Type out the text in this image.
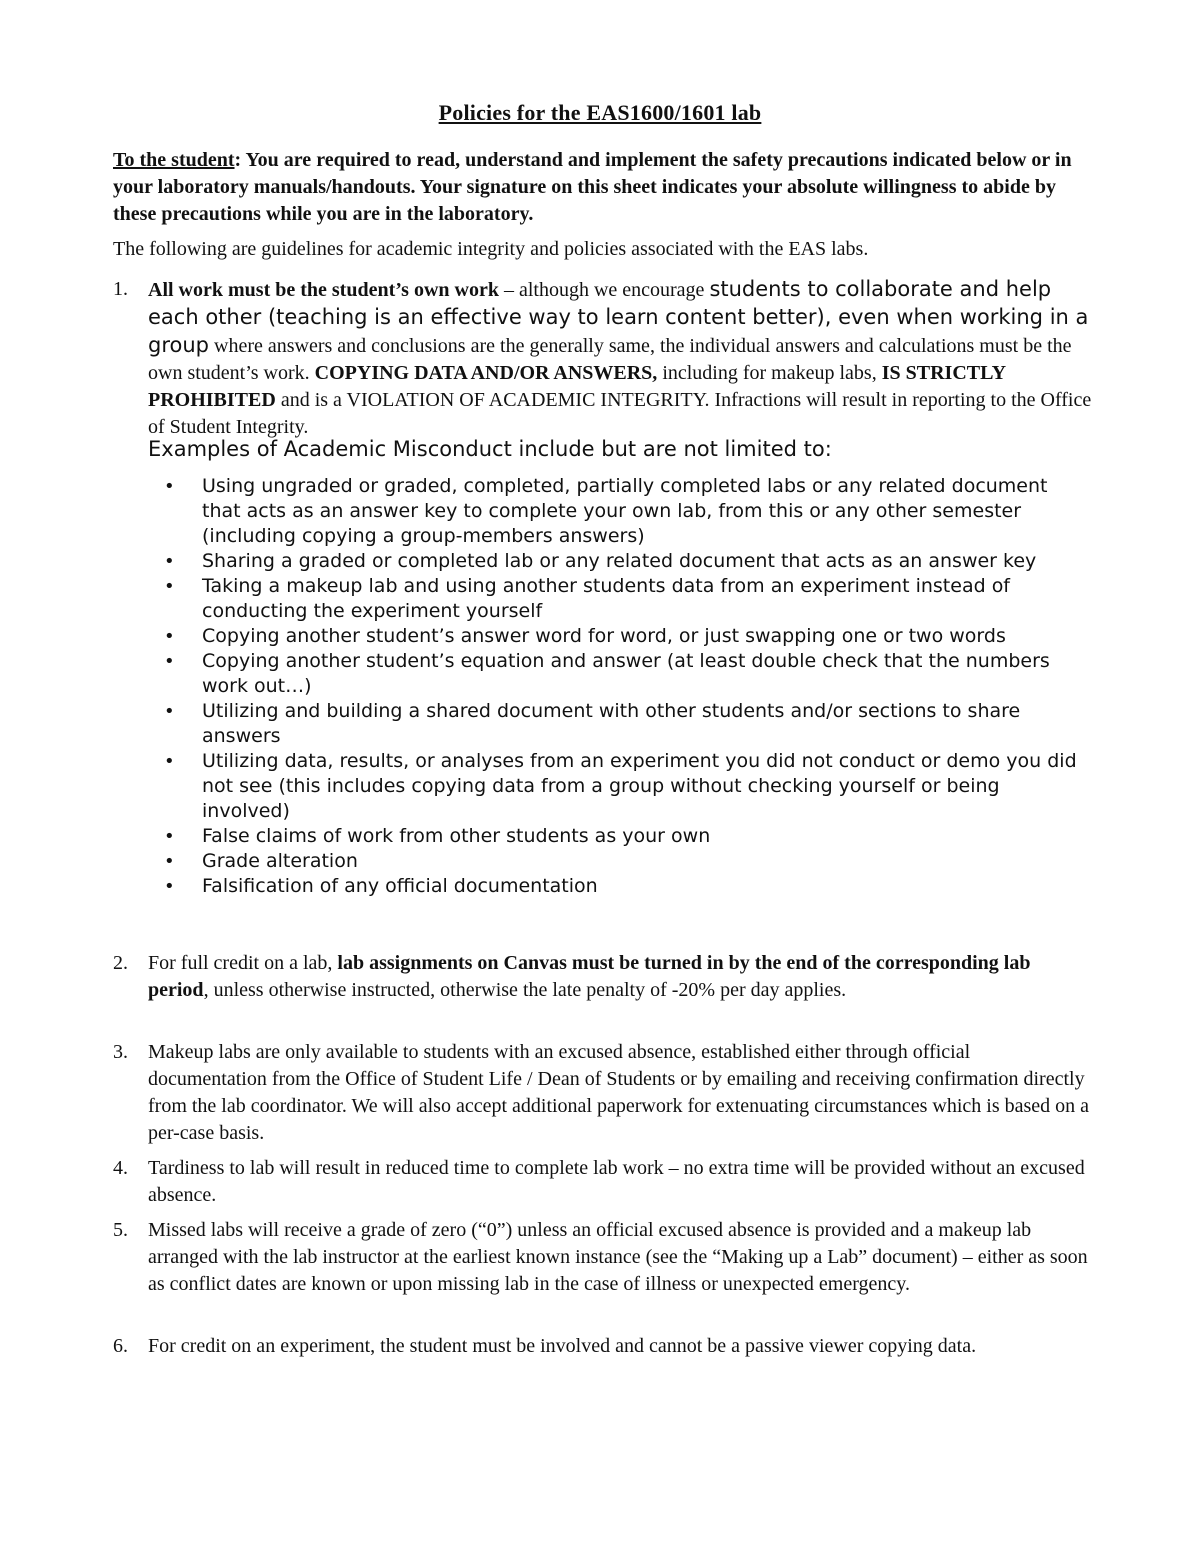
Policies for the EAS1600/1601 lab
To the student: You are required to read, understand and implement the safety precautions indicated below or in your laboratory manuals/handouts. Your signature on this sheet indicates your absolute willingness to abide by these precautions while you are in the laboratory.
The following are guidelines for academic integrity and policies associated with the EAS labs.
1. All work must be the student’s own work – although we encourage students to collaborate and help each other (teaching is an effective way to learn content better), even when working in a group where answers and conclusions are the generally same, the individual answers and calculations must be the own student’s work. COPYING DATA AND/OR ANSWERS, including for makeup labs, IS STRICTLY PROHIBITED and is a VIOLATION OF ACADEMIC INTEGRITY. Infractions will result in reporting to the Office of Student Integrity.
Examples of Academic Misconduct include but are not limited to:
• Using ungraded or graded, completed, partially completed labs or any related document that acts as an answer key to complete your own lab, from this or any other semester (including copying a group-members answers)
• Sharing a graded or completed lab or any related document that acts as an answer key
• Taking a makeup lab and using another students data from an experiment instead of conducting the experiment yourself
• Copying another student’s answer word for word, or just swapping one or two words
• Copying another student’s equation and answer (at least double check that the numbers work out…)
• Utilizing and building a shared document with other students and/or sections to share answers
• Utilizing data, results, or analyses from an experiment you did not conduct or demo you did not see (this includes copying data from a group without checking yourself or being involved)
• False claims of work from other students as your own
• Grade alteration
• Falsification of any official documentation
2. For full credit on a lab, lab assignments on Canvas must be turned in by the end of the corresponding lab period, unless otherwise instructed, otherwise the late penalty of -20% per day applies.
3. Makeup labs are only available to students with an excused absence, established either through official documentation from the Office of Student Life / Dean of Students or by emailing and receiving confirmation directly from the lab coordinator. We will also accept additional paperwork for extenuating circumstances which is based on a per-case basis.
4. Tardiness to lab will result in reduced time to complete lab work – no extra time will be provided without an excused absence.
5. Missed labs will receive a grade of zero (“0”) unless an official excused absence is provided and a makeup lab arranged with the lab instructor at the earliest known instance (see the “Making up a Lab” document) – either as soon as conflict dates are known or upon missing lab in the case of illness or unexpected emergency.
6. For credit on an experiment, the student must be involved and cannot be a passive viewer copying data.
